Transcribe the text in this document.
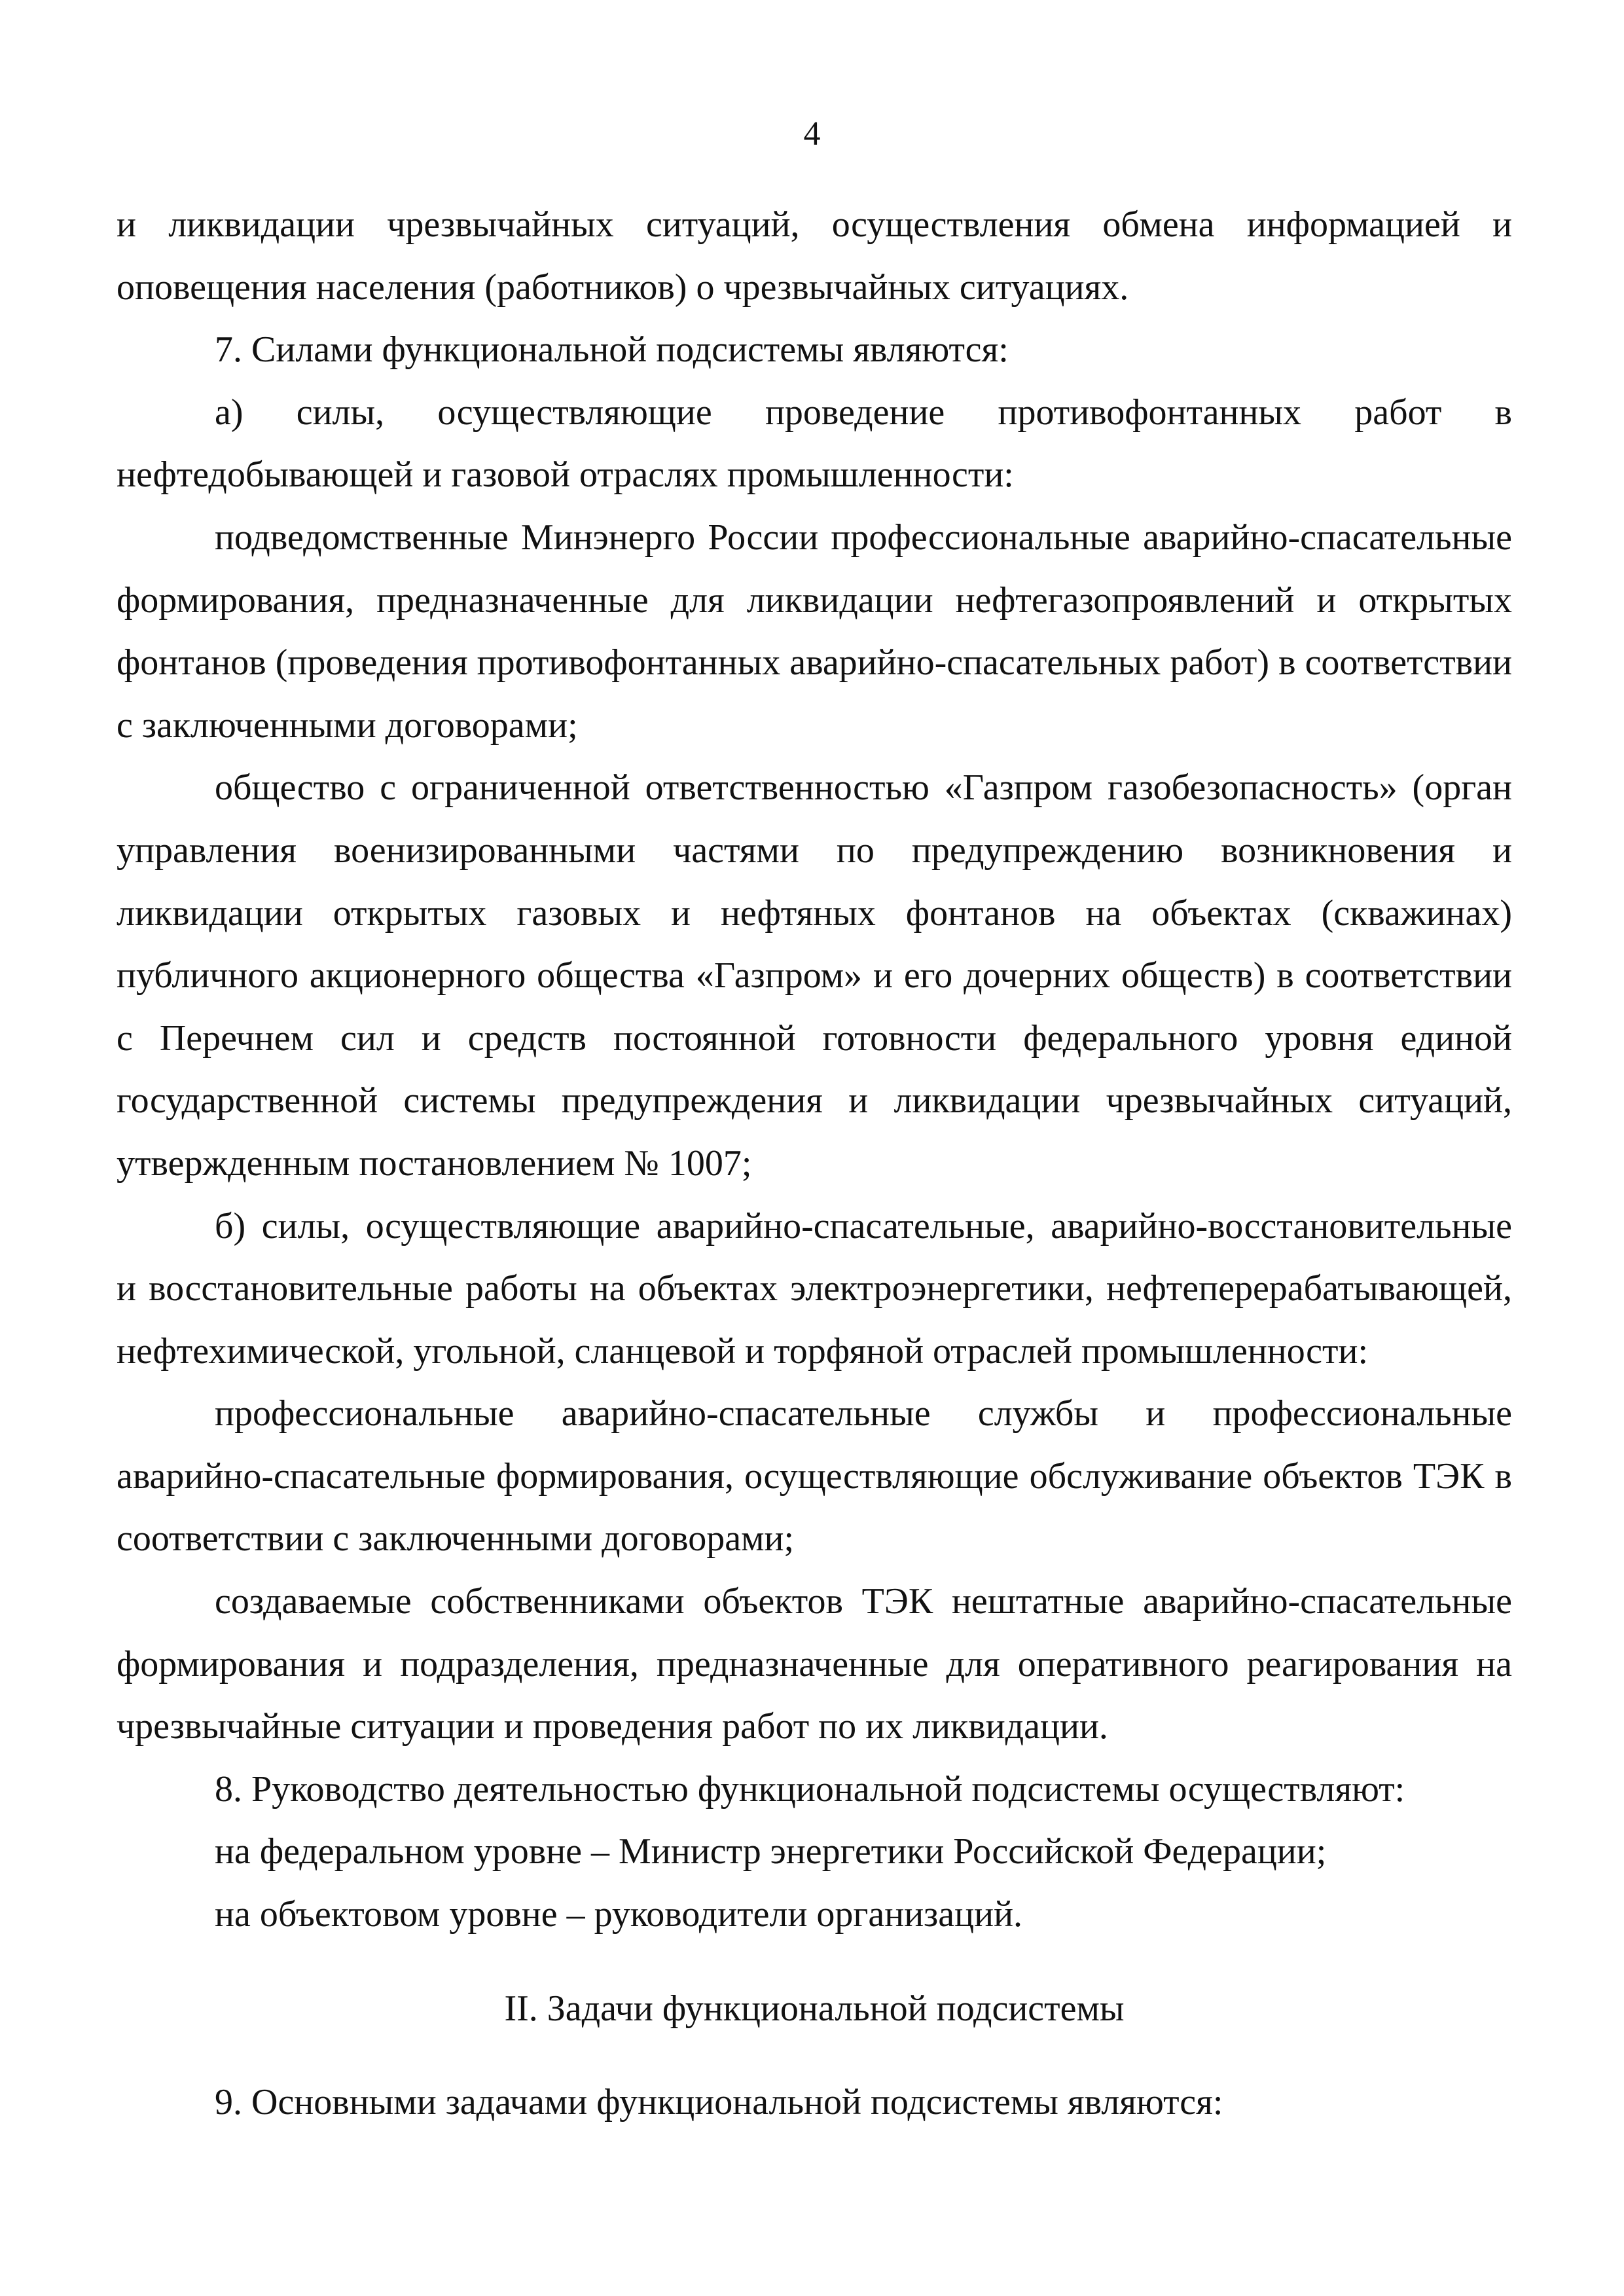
4

и ликвидации чрезвычайных ситуаций, осуществления обмена информацией и оповещения населения (работников) о чрезвычайных ситуациях.

7. Силами функциональной подсистемы являются:

а) силы, осуществляющие проведение противофонтанных работ в нефтедобывающей и газовой отраслях промышленности:

подведомственные Минэнерго России профессиональные аварийно-спасательные формирования, предназначенные для ликвидации нефтегазопроявлений и открытых фонтанов (проведения противофонтанных аварийно-спасательных работ) в соответствии с заключенными договорами;

общество с ограниченной ответственностью «Газпром газобезопасность» (орган управления военизированными частями по предупреждению возникновения и ликвидации открытых газовых и нефтяных фонтанов на объектах (скважинах) публичного акционерного общества «Газпром» и его дочерних обществ) в соответствии с Перечнем сил и средств постоянной готовности федерального уровня единой государственной системы предупреждения и ликвидации чрезвычайных ситуаций, утвержденным постановлением № 1007;

б) силы, осуществляющие аварийно-спасательные, аварийно-восстановительные и восстановительные работы на объектах электроэнергетики, нефтеперерабатывающей, нефтехимической, угольной, сланцевой и торфяной отраслей промышленности:

профессиональные аварийно-спасательные службы и профессиональные аварийно-спасательные формирования, осуществляющие обслуживание объектов ТЭК в соответствии с заключенными договорами;

создаваемые собственниками объектов ТЭК нештатные аварийно-спасательные формирования и подразделения, предназначенные для оперативного реагирования на чрезвычайные ситуации и проведения работ по их ликвидации.

8. Руководство деятельностью функциональной подсистемы осуществляют:

на федеральном уровне – Министр энергетики Российской Федерации;

на объектовом уровне – руководители организаций.

II. Задачи функциональной подсистемы

9. Основными задачами функциональной подсистемы являются:
